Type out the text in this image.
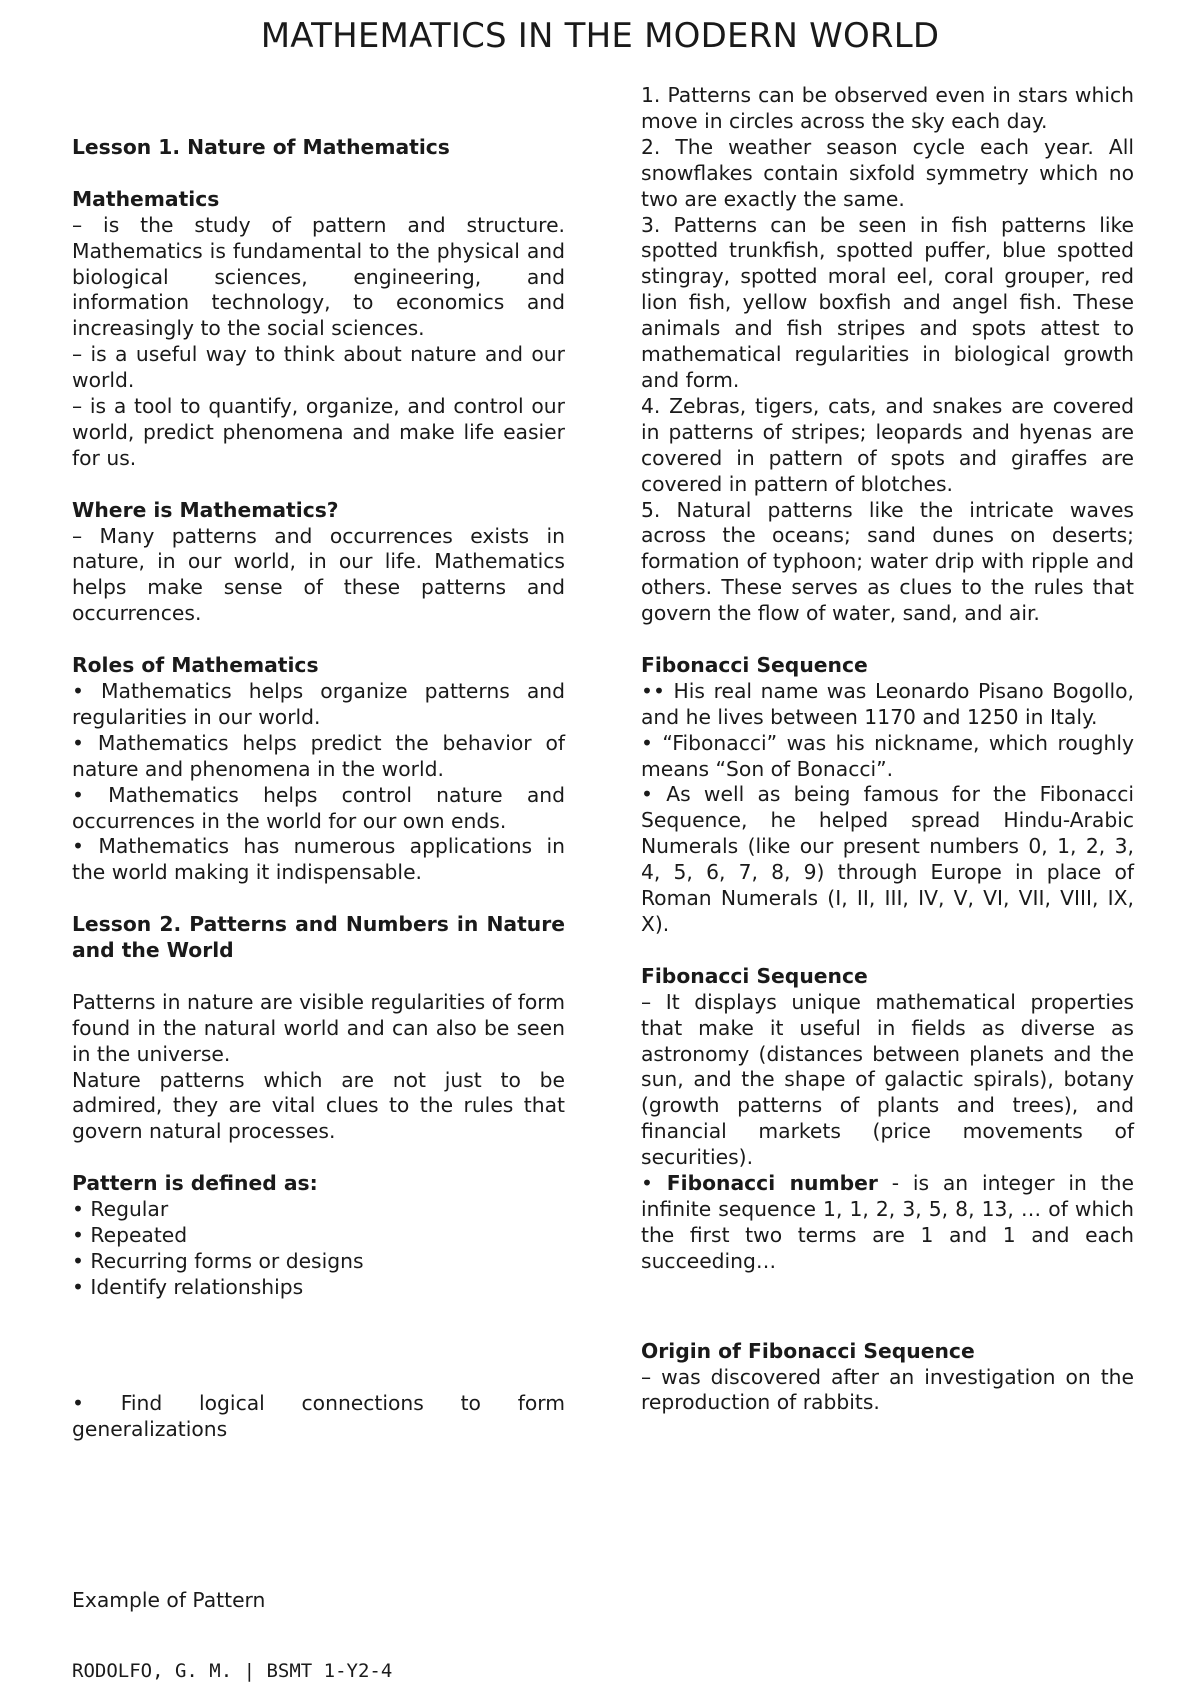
MATHEMATICS IN THE MODERN WORLD
Lesson 1. Nature of Mathematics
Mathematics

– is the study of pattern and structure. Mathematics is fundamental to the physical and biological sciences, engineering, and information technology, to economics and increasingly to the social sciences.

– is a useful way to think about nature and our world.

– is a tool to quantify, organize, and control our world, predict phenomena and make life easier for us.

Where is Mathematics?

– Many patterns and occurrences exists in nature, in our world, in our life. Mathematics helps make sense of these patterns and occurrences.

Roles of Mathematics

• Mathematics helps organize patterns and regularities in our world.

• Mathematics helps predict the behavior of nature and phenomena in the world.

• Mathematics helps control nature and occurrences in the world for our own ends.

• Mathematics has numerous applications in the world making it indispensable.

Lesson 2. Patterns and Numbers in Nature and the World

Patterns in nature are visible regularities of form found in the natural world and can also be seen in the universe.

Nature patterns which are not just to be admired, they are vital clues to the rules that govern natural processes.

Pattern is defined as:

• Regular

• Repeated

• Recurring forms or designs

• Identify relationships

• Find logical connections to form generalizations

1. Patterns can be observed even in stars which move in circles across the sky each day.

2. The weather season cycle each year. All snowflakes contain sixfold symmetry which no two are exactly the same.

3. Patterns can be seen in fish patterns like spotted trunkfish, spotted puffer, blue spotted stingray, spotted moral eel, coral grouper, red lion fish, yellow boxfish and angel fish. These animals and fish stripes and spots attest to mathematical regularities in biological growth and form.

4. Zebras, tigers, cats, and snakes are covered in patterns of stripes; leopards and hyenas are covered in pattern of spots and giraffes are covered in pattern of blotches.

5. Natural patterns like the intricate waves across the oceans; sand dunes on deserts; formation of typhoon; water drip with ripple and others. These serves as clues to the rules that govern the flow of water, sand, and air.

Fibonacci Sequence

•• His real name was Leonardo Pisano Bogollo, and he lives between 1170 and 1250 in Italy.

• “Fibonacci” was his nickname, which roughly means “Son of Bonacci”.

• As well as being famous for the Fibonacci Sequence, he helped spread Hindu-Arabic Numerals (like our present numbers 0, 1, 2, 3, 4, 5, 6, 7, 8, 9) through Europe in place of Roman Numerals (I, II, III, IV, V, VI, VII, VIII, IX, X).

Fibonacci Sequence

– It displays unique mathematical properties that make it useful in fields as diverse as astronomy (distances between planets and the sun, and the shape of galactic spirals), botany (growth patterns of plants and trees), and financial markets (price movements of securities).

• Fibonacci number - is an integer in the infinite sequence 1, 1, 2, 3, 5, 8, 13, … of which the first two terms are 1 and 1 and each succeeding…

Origin of Fibonacci Sequence

– was discovered after an investigation on the reproduction of rabbits.

Example of Pattern
RODOLFO, G. M. | BSMT 1-Y2-4
